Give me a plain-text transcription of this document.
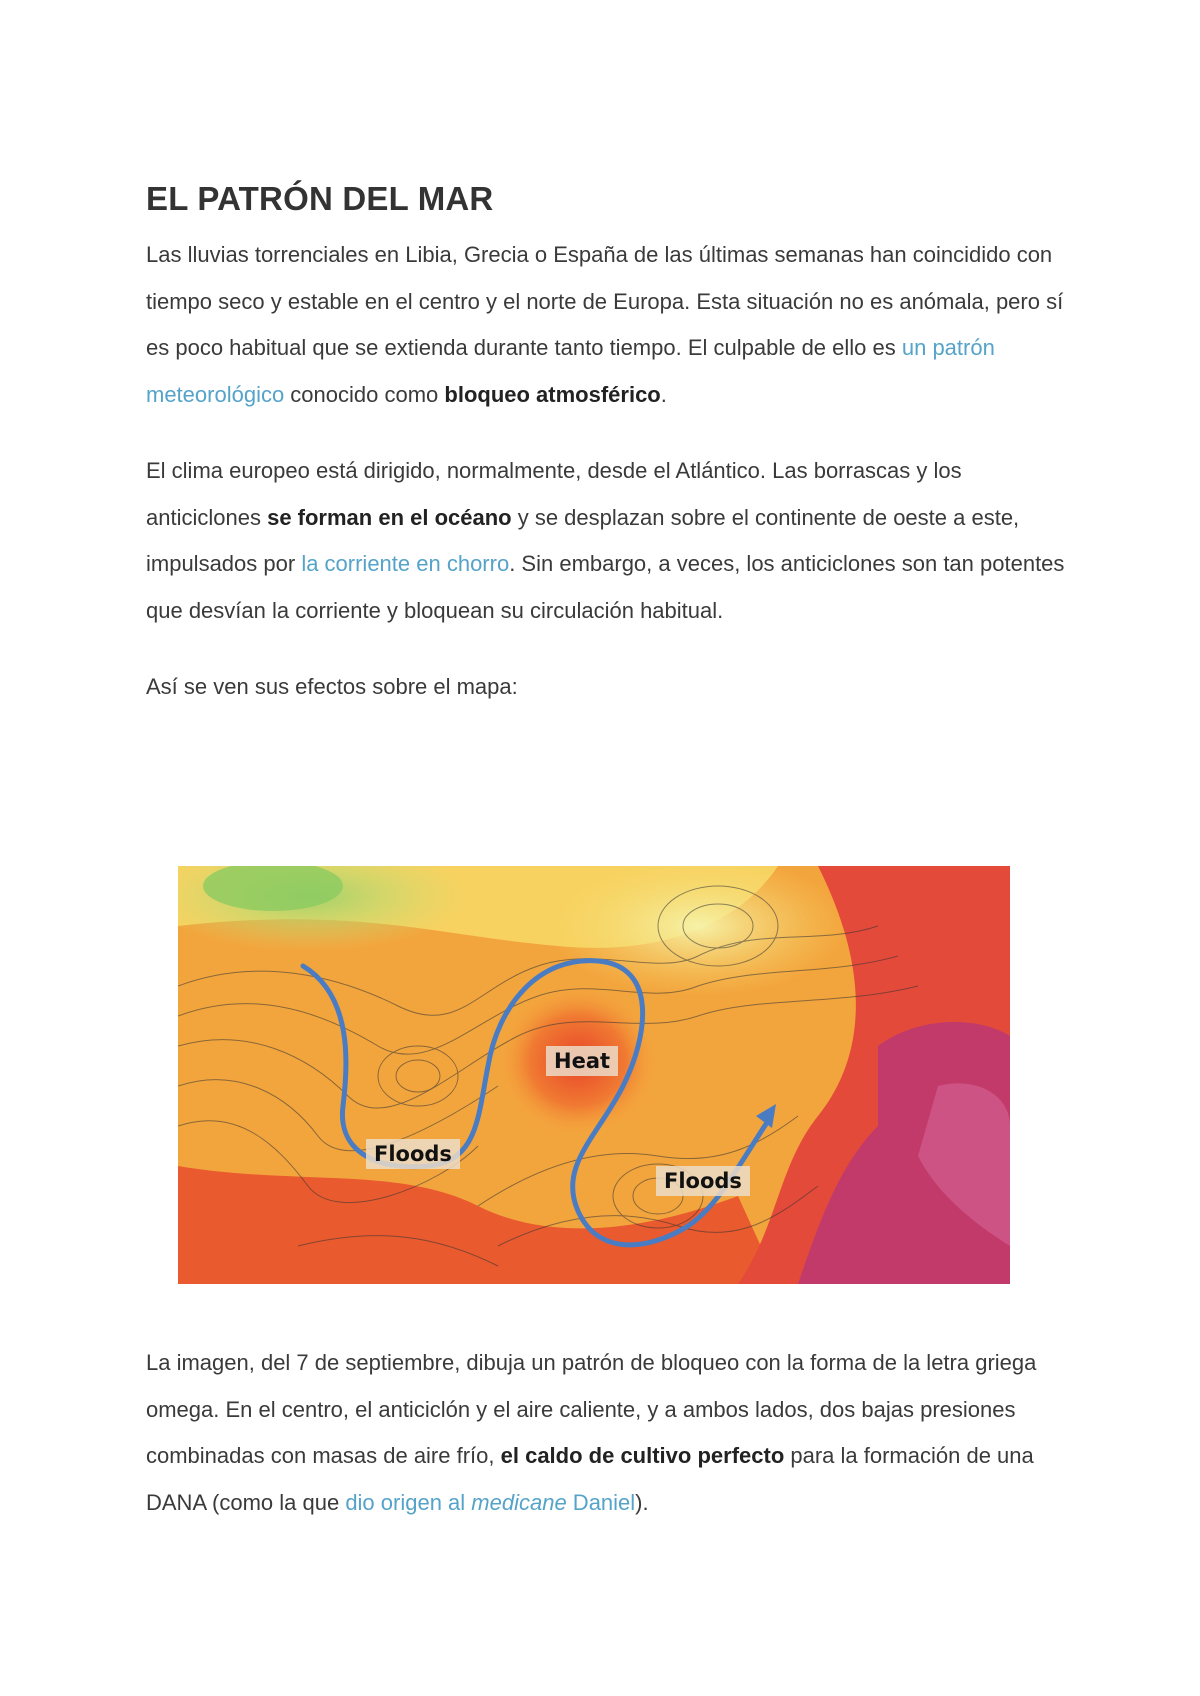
EL PATRÓN DEL MAR

Las lluvias torrenciales en Libia, Grecia o España de las últimas semanas han coincidido con tiempo seco y estable en el centro y el norte de Europa. Esta situación no es anómala, pero sí es poco habitual que se extienda durante tanto tiempo. El culpable de ello es un patrón meteorológico conocido como bloqueo atmosférico.

El clima europeo está dirigido, normalmente, desde el Atlántico. Las borrascas y los anticiclones se forman en el océano y se desplazan sobre el continente de oeste a este, impulsados por la corriente en chorro. Sin embargo, a veces, los anticiclones son tan potentes que desvían la corriente y bloquean su circulación habitual.

Así se ven sus efectos sobre el mapa:

Heat
Floods
Floods

La imagen, del 7 de septiembre, dibuja un patrón de bloqueo con la forma de la letra griega omega. En el centro, el anticiclón y el aire caliente, y a ambos lados, dos bajas presiones combinadas con masas de aire frío, el caldo de cultivo perfecto para la formación de una DANA (como la que dio origen al medicane Daniel).
